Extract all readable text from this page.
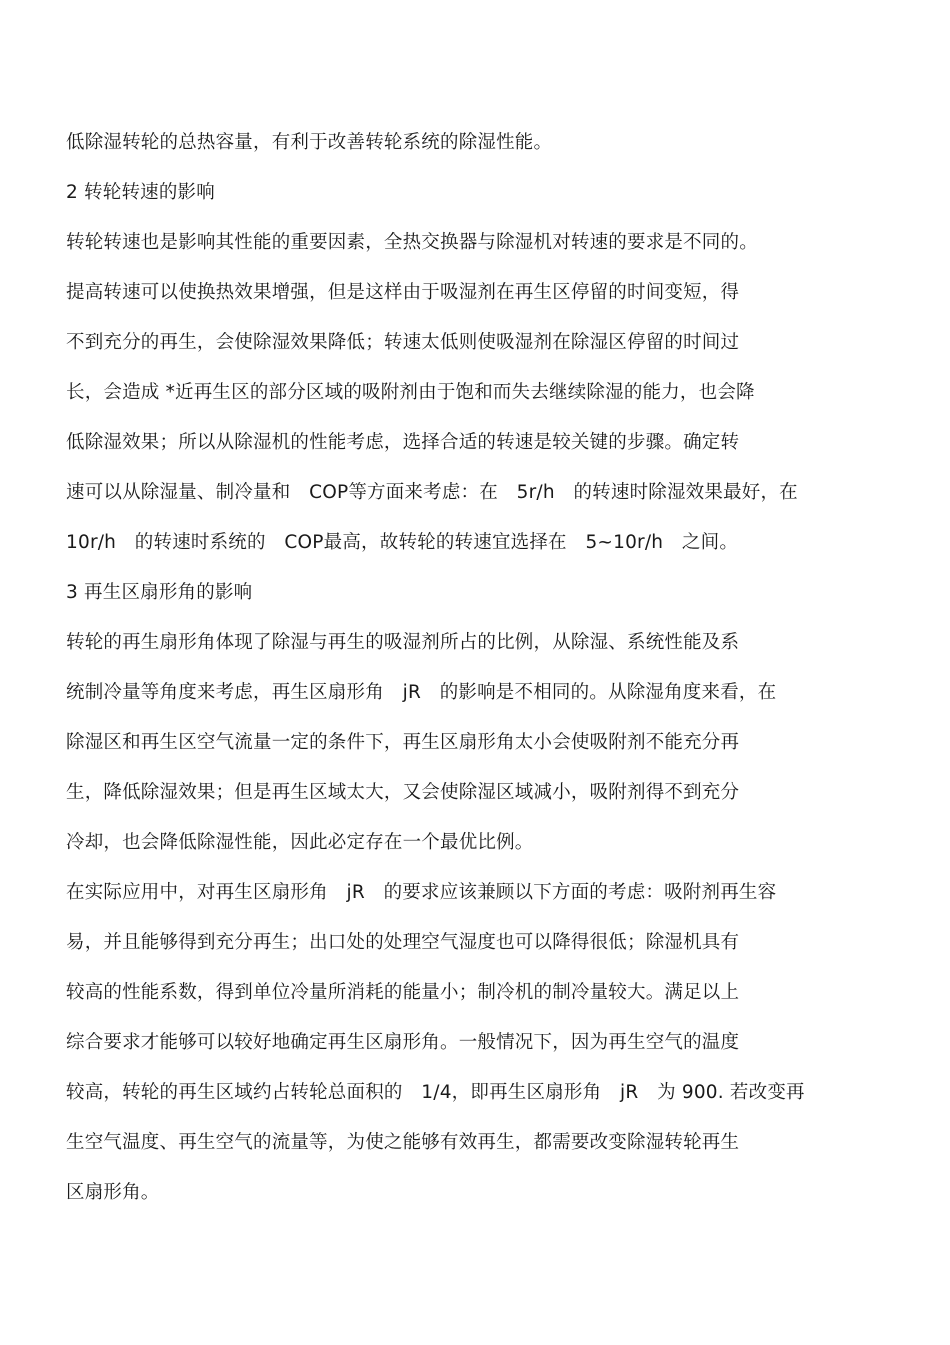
低除湿转轮的总热容量，有利于改善转轮系统的除湿性能。

2 转轮转速的影响

转轮转速也是影响其性能的重要因素，全热交换器与除湿机对转速的要求是不同的。

提高转速可以使换热效果增强，但是这样由于吸湿剂在再生区停留的时间变短，得

不到充分的再生，会使除湿效果降低；转速太低则使吸湿剂在除湿区停留的时间过

长，会造成 *近再生区的部分区域的吸附剂由于饱和而失去继续除湿的能力，也会降

低除湿效果；所以从除湿机的性能考虑，选择合适的转速是较关键的步骤。确定转

速可以从除湿量、制冷量和　COP等方面来考虑：在　5r/h　的转速时除湿效果最好，在

10r/h　的转速时系统的　COP最高，故转轮的转速宜选择在　5~10r/h　之间。

3 再生区扇形角的影响

转轮的再生扇形角体现了除湿与再生的吸湿剂所占的比例，从除湿、系统性能及系

统制冷量等角度来考虑，再生区扇形角　jR　的影响是不相同的。从除湿角度来看，在

除湿区和再生区空气流量一定的条件下，再生区扇形角太小会使吸附剂不能充分再

生，降低除湿效果；但是再生区域太大，又会使除湿区域减小，吸附剂得不到充分

冷却，也会降低除湿性能，因此必定存在一个最优比例。

在实际应用中，对再生区扇形角　jR　的要求应该兼顾以下方面的考虑：吸附剂再生容

易，并且能够得到充分再生；出口处的处理空气湿度也可以降得很低；除湿机具有

较高的性能系数，得到单位冷量所消耗的能量小；制冷机的制冷量较大。满足以上

综合要求才能够可以较好地确定再生区扇形角。一般情况下，因为再生空气的温度

较高，转轮的再生区域约占转轮总面积的　1/4，即再生区扇形角　jR　为 900. 若改变再

生空气温度、再生空气的流量等，为使之能够有效再生，都需要改变除湿转轮再生

区扇形角。
